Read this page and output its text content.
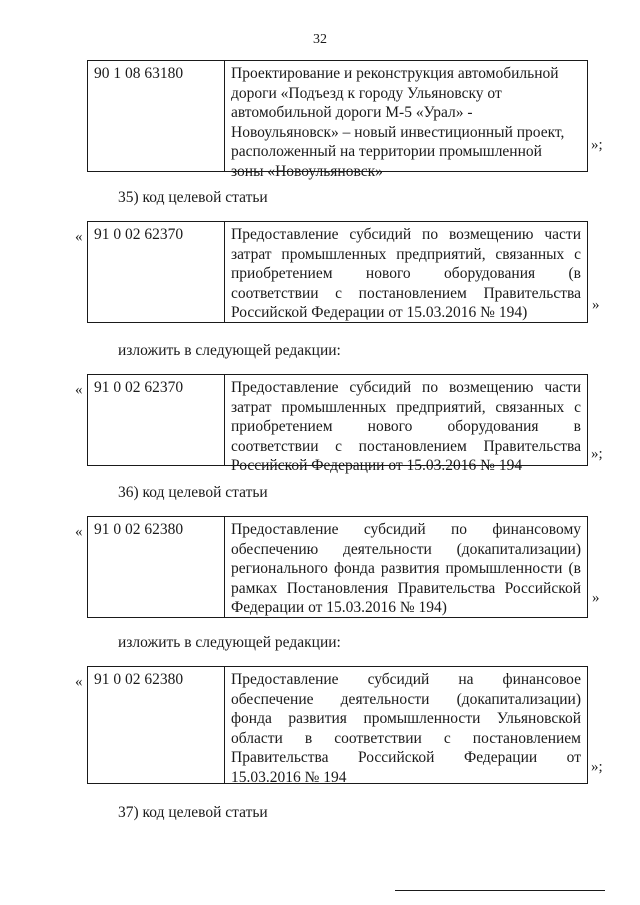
32
90 1 08 63180	Проектирование и реконструкция автомобильной
дороги «Подъезд к городу Ульяновску от
автомобильной дороги М-5 «Урал» -
Новоульяновск» – новый инвестиционный проект,
расположенный на территории промышленной
зоны «Новоульяновск»
»;
35) код целевой статьи
« 91 0 02 62370	Предоставление субсидий по возмещению части
затрат промышленных предприятий, связанных с
приобретением нового оборудования (в
соответствии с постановлением Правительства
Российской Федерации от 15.03.2016 № 194)	»
изложить в следующей редакции:
« 91 0 02 62370	Предоставление субсидий по возмещению части
затрат промышленных предприятий, связанных с
приобретением нового оборудования в
соответствии с постановлением Правительства
Российской Федерации от 15.03.2016 № 194
»;
36) код целевой статьи
« 91 0 02 62380	Предоставление субсидий по финансовому
обеспечению деятельности (докапитализации)
регионального фонда развития промышленности (в
рамках Постановления Правительства Российской
Федерации от 15.03.2016 № 194)
»
изложить в следующей редакции:
« 91 0 02 62380	Предоставление субсидий на финансовое
обеспечение деятельности (докапитализации)
фонда развития промышленности Ульяновской
области в соответствии с постановлением
Правительства Российской Федерации от
15.03.2016 № 194
»;
37) код целевой статьи
